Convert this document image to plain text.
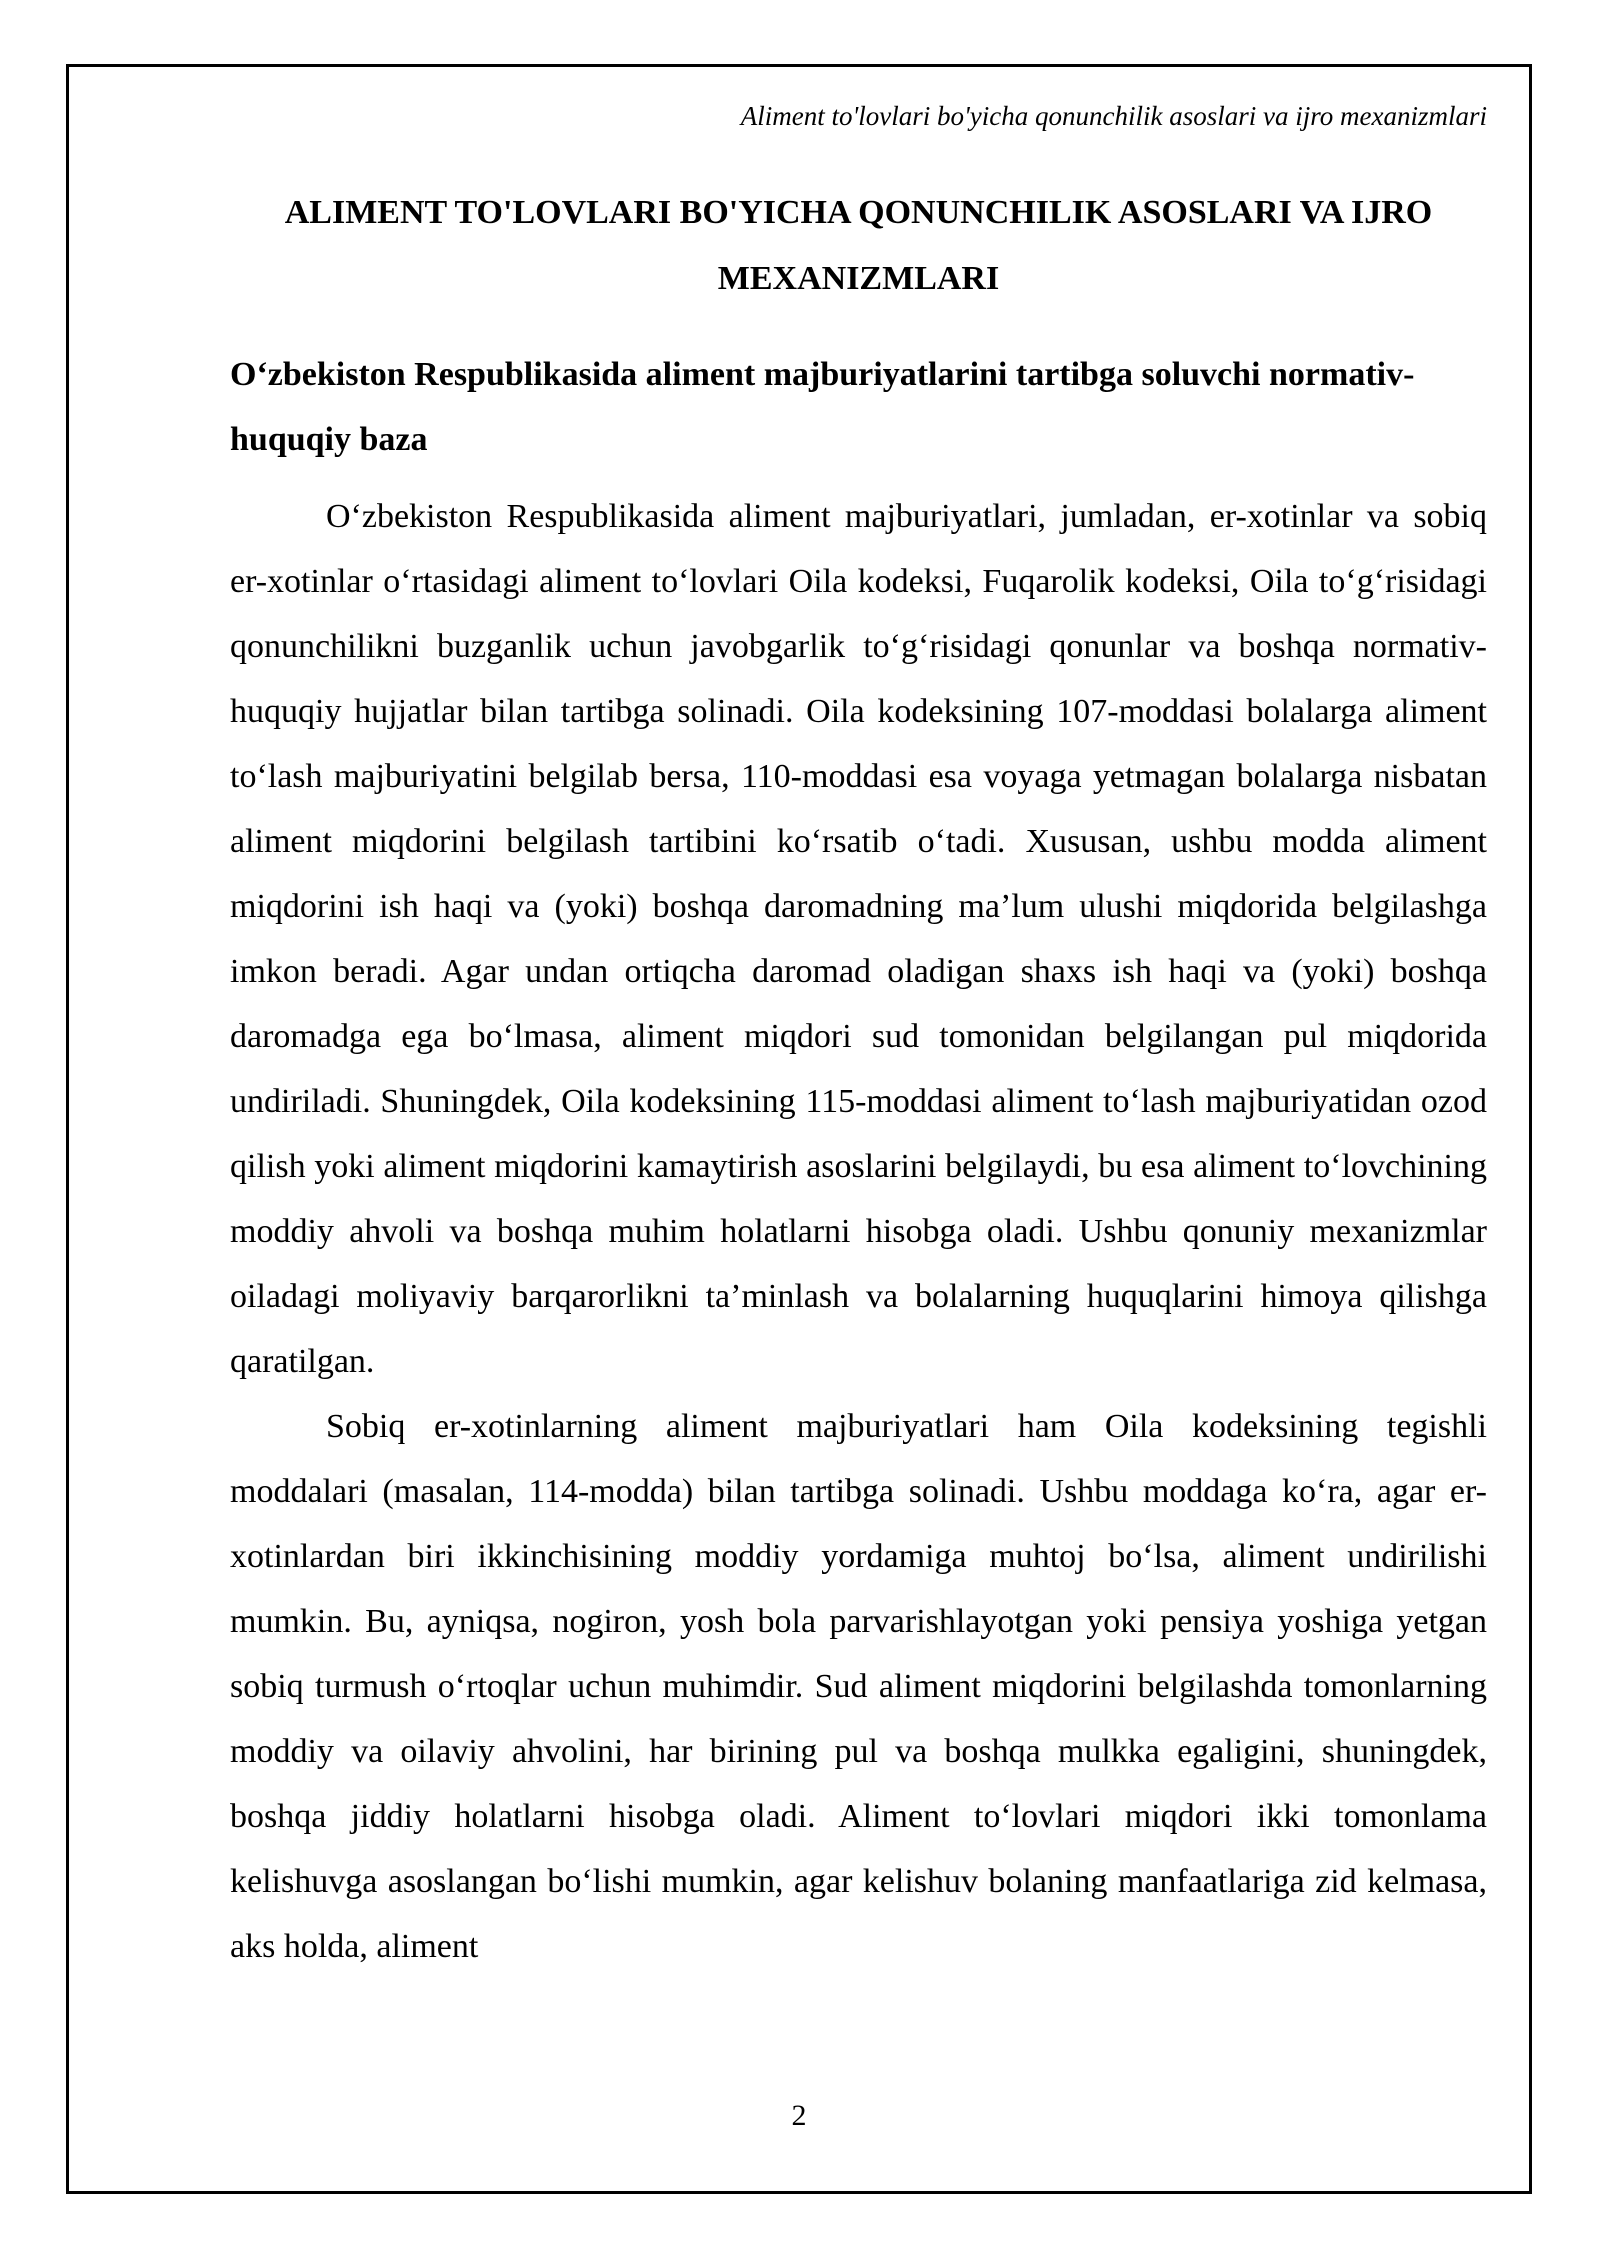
Aliment to'lovlari bo'yicha qonunchilik asoslari va ijro mexanizmlari

ALIMENT TO'LOVLARI BO'YICHA QONUNCHILIK ASOSLARI VA IJRO MEXANIZMLARI
O‘zbekiston Respublikasida aliment majburiyatlarini tartibga soluvchi normativ-huquqiy baza

O‘zbekiston Respublikasida aliment majburiyatlari, jumladan, er-xotinlar va sobiq er-xotinlar o‘rtasidagi aliment to‘lovlari Oila kodeksi, Fuqarolik kodeksi, Oila to‘g‘risidagi qonunchilikni buzganlik uchun javobgarlik to‘g‘risidagi qonunlar va boshqa normativ-huquqiy hujjatlar bilan tartibga solinadi. Oila kodeksining 107-moddasi bolalarga aliment to‘lash majburiyatini belgilab bersa, 110-moddasi esa voyaga yetmagan bolalarga nisbatan aliment miqdorini belgilash tartibini ko‘rsatib o‘tadi. Xususan, ushbu modda aliment miqdorini ish haqi va (yoki) boshqa daromadning ma’lum ulushi miqdorida belgilashga imkon beradi. Agar undan ortiqcha daromad oladigan shaxs ish haqi va (yoki) boshqa daromadga ega bo‘lmasa, aliment miqdori sud tomonidan belgilangan pul miqdorida undiriladi. Shuningdek, Oila kodeksining 115-moddasi aliment to‘lash majburiyatidan ozod qilish yoki aliment miqdorini kamaytirish asoslarini belgilaydi, bu esa aliment to‘lovchining moddiy ahvoli va boshqa muhim holatlarni hisobga oladi. Ushbu qonuniy mexanizmlar oiladagi moliyaviy barqarorlikni ta’minlash va bolalarning huquqlarini himoya qilishga qaratilgan.

Sobiq er-xotinlarning aliment majburiyatlari ham Oila kodeksining tegishli moddalari (masalan, 114-modda) bilan tartibga solinadi. Ushbu moddaga ko‘ra, agar er-xotinlardan biri ikkinchisining moddiy yordamiga muhtoj bo‘lsa, aliment undirilishi mumkin. Bu, ayniqsa, nogiron, yosh bola parvarishlayotgan yoki pensiya yoshiga yetgan sobiq turmush o‘rtoqlar uchun muhimdir. Sud aliment miqdorini belgilashda tomonlarning moddiy va oilaviy ahvolini, har birining pul va boshqa mulkka egaligini, shuningdek, boshqa jiddiy holatlarni hisobga oladi. Aliment to‘lovlari miqdori ikki tomonlama kelishuvga asoslangan bo‘lishi mumkin, agar kelishuv bolaning manfaatlariga zid kelmasa, aks holda, aliment

2
